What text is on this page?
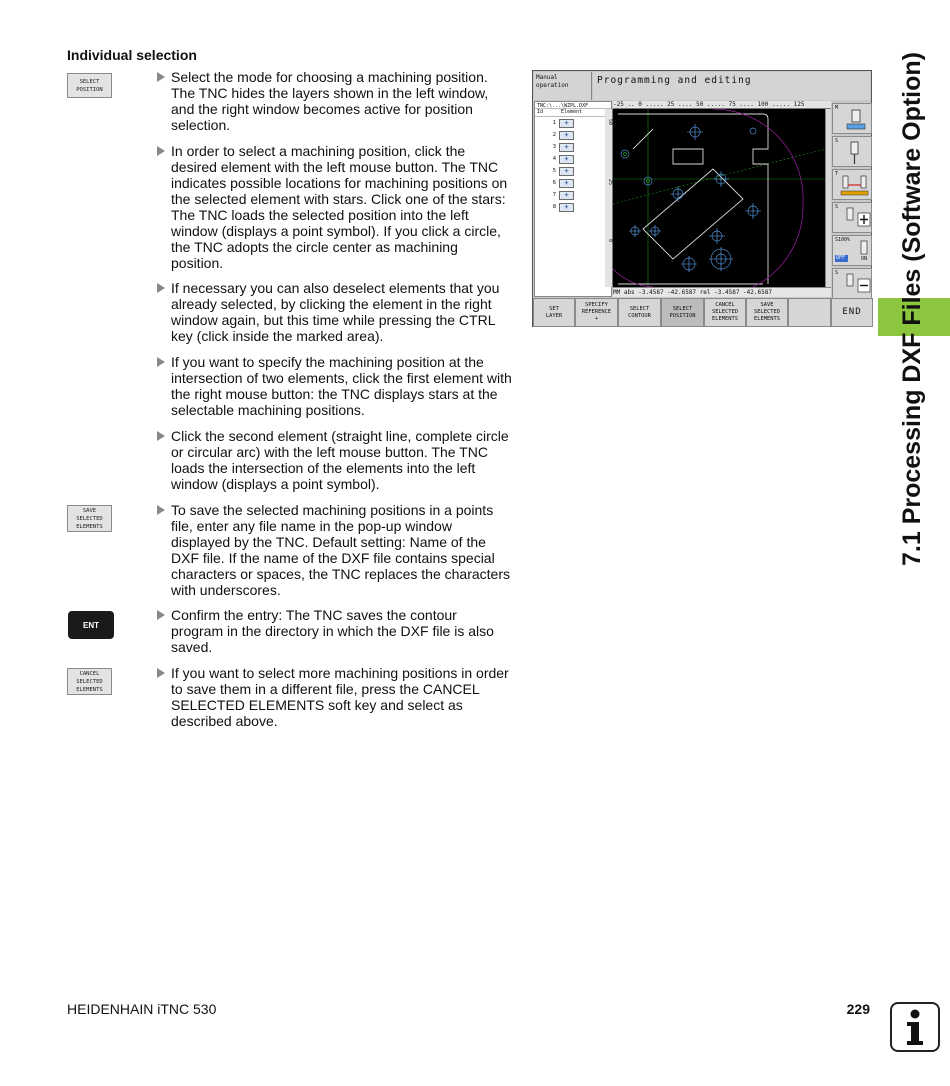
Individual selection
SELECT
POSITION
SAVE
SELECTED
ELEMENTS
ENT
CANCEL
SELECTED
ELEMENTS
Select the mode for choosing a machining position. The TNC hides the layers shown in the left window, and the right window becomes active for position selection.
In order to select a machining position, click the desired element with the left mouse button. The TNC indicates possible locations for machining positions on the selected element with stars. Click one of the stars: The TNC loads the selected position into the left window (displays a point symbol). If you click a circle, the TNC adopts the circle center as machining position.
If necessary you can also deselect elements that you already selected, by clicking the element in the right window again, but this time while pressing the CTRL key (click inside the marked area).
If you want to specify the machining position at the intersection of two elements, click the first element with the right mouse button: the TNC displays stars at the selectable machining positions.
Click the second element (straight line, complete circle or circular arc) with the left mouse button. The TNC loads the intersection of the elements into the left window (displays a point symbol).
To save the selected machining positions in a points file, enter any file name in the pop-up window displayed by the TNC. Default setting: Name of the DXF file. If the name of the DXF file contains special characters or spaces, the TNC replaces the characters with underscores.
Confirm the entry: The TNC saves the contour program in the directory in which the DXF file is also saved.
If you want to select more machining positions in order to save them in a different file, press the CANCEL SELECTED ELEMENTS soft key and select as described above.
Manual
operation	Programming and editing
TNC:\...\WZPL.DXF
Id	Element
1	+
2	+
3	+
4	+
5	+
6	+
7	+
8	+
-25 .. 0 ..... 25 .... 50 ..... 75 .... 100 ..... 125
50
25
0
MM abs -3.4587 -42.6587 rel -3.4587 -42.6587
M
S
T
S
S100%
OFF	ON
S
SET
LAYER
SPECIFY
REFERENCE
+
SELECT
CONTOUR
SELECT
POSITION
CANCEL
SELECTED
ELEMENTS
SAVE
SELECTED
ELEMENTS
END 7.1 Processing DXF Files (Software Option)
HEIDENHAIN iTNC 530	229
